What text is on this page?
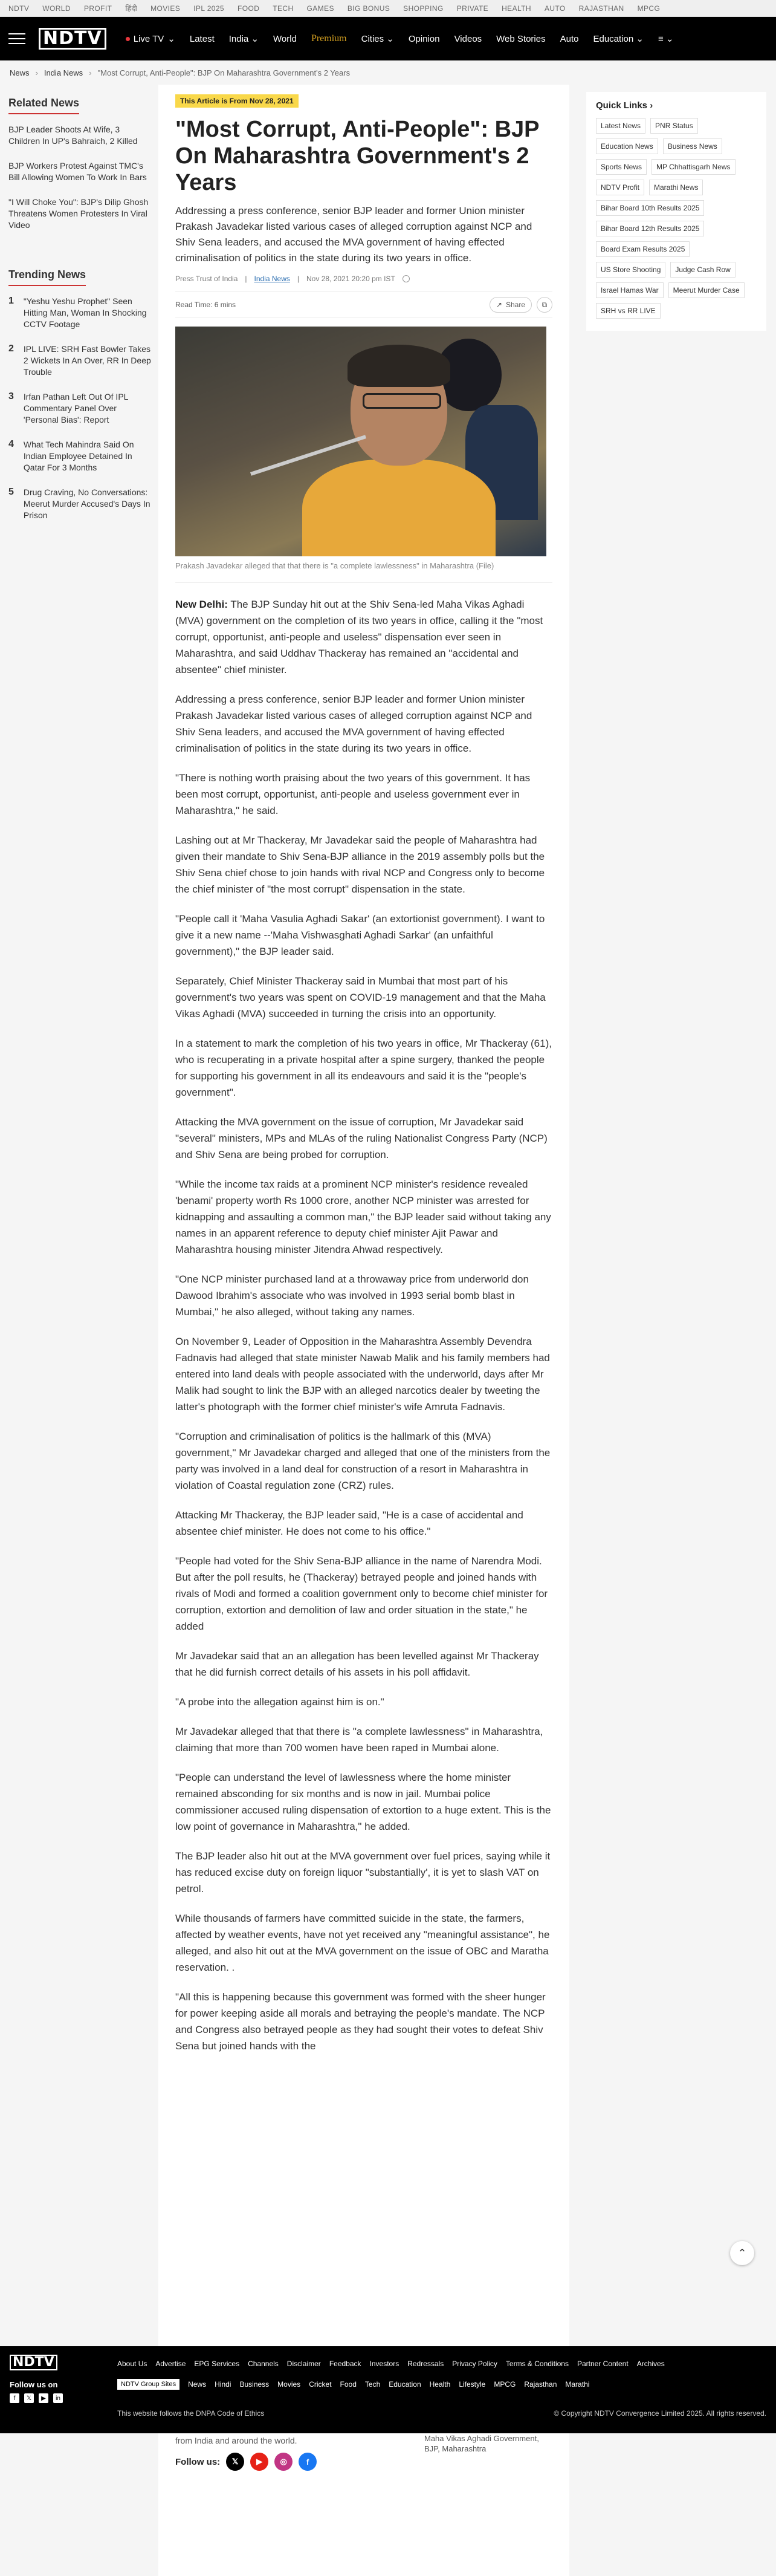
NDTV WORLD PROFIT हिंदी MOVIES IPL 2025 FOOD TECH GAMES BIG BONUS SHOPPING PRIVATE HEALTH AUTO RAJASTHAN MPCG
NDTV	Live TV ⌄ Latest India ⌄ World Premium Cities ⌄ Opinion Videos Web Stories Auto Education ⌄ ≡ ⌄
News › India News › "Most Corrupt, Anti-People": BJP On Maharashtra Government's 2 Years
Related News
BJP Leader Shoots At Wife, 3 Children In UP's Bahraich, 2 Killed
BJP Workers Protest Against TMC's Bill Allowing Women To Work In Bars
"I Will Choke You": BJP's Dilip Ghosh Threatens Women Protesters In Viral Video
Trending News
1 "Yeshu Yeshu Prophet" Seen Hitting Man, Woman In Shocking CCTV Footage
2 IPL LIVE: SRH Fast Bowler Takes 2 Wickets In An Over, RR In Deep Trouble
3 Irfan Pathan Left Out Of IPL Commentary Panel Over 'Personal Bias': Report
4 What Tech Mahindra Said On Indian Employee Detained In Qatar For 3 Months
5 Drug Craving, No Conversations: Meerut Murder Accused's Days In Prison
This Article is From Nov 28, 2021
"Most Corrupt, Anti-People": BJP On Maharashtra Government's 2 Years

Addressing a press conference, senior BJP leader and former Union minister Prakash Javadekar listed various cases of alleged corruption against NCP and Shiv Sena leaders, and accused the MVA government of having effected criminalisation of politics in the state during its two years in office.

Press Trust of India | India News | Nov 28, 2021 20:20 pm IST
Read Time: 6 mins	↗ Share	⧉
Prakash Javadekar alleged that that there is "a complete lawlessness" in Maharashtra (File)

New Delhi: The BJP Sunday hit out at the Shiv Sena-led Maha Vikas Aghadi (MVA) government on the completion of its two years in office, calling it the "most corrupt, opportunist, anti-people and useless" dispensation ever seen in Maharashtra, and said Uddhav Thackeray has remained an "accidental and absentee" chief minister.

Addressing a press conference, senior BJP leader and former Union minister Prakash Javadekar listed various cases of alleged corruption against NCP and Shiv Sena leaders, and accused the MVA government of having effected criminalisation of politics in the state during its two years in office.

"There is nothing worth praising about the two years of this government. It has been most corrupt, opportunist, anti-people and useless government ever in Maharashtra," he said.

Lashing out at Mr Thackeray, Mr Javadekar said the people of Maharashtra had given their mandate to Shiv Sena-BJP alliance in the 2019 assembly polls but the Shiv Sena chief chose to join hands with rival NCP and Congress only to become the chief minister of "the most corrupt" dispensation in the state.

"People call it 'Maha Vasulia Aghadi Sakar' (an extortionist government). I want to give it a new name --'Maha Vishwasghati Aghadi Sarkar' (an unfaithful government)," the BJP leader said.

Separately, Chief Minister Thackeray said in Mumbai that most part of his government's two years was spent on COVID-19 management and that the Maha Vikas Aghadi (MVA) succeeded in turning the crisis into an opportunity.

In a statement to mark the completion of his two years in office, Mr Thackeray (61), who is recuperating in a private hospital after a spine surgery, thanked the people for supporting his government in all its endeavours and said it is the "people's government".

Attacking the MVA government on the issue of corruption, Mr Javadekar said "several" ministers, MPs and MLAs of the ruling Nationalist Congress Party (NCP) and Shiv Sena are being probed for corruption.

"While the income tax raids at a prominent NCP minister's residence revealed 'benami' property worth Rs 1000 crore, another NCP minister was arrested for kidnapping and assaulting a common man," the BJP leader said without taking any names in an apparent reference to deputy chief minister Ajit Pawar and Maharashtra housing minister Jitendra Ahwad respectively.

"One NCP minister purchased land at a throwaway price from underworld don Dawood Ibrahim's associate who was involved in 1993 serial bomb blast in Mumbai," he also alleged, without taking any names.

On November 9, Leader of Opposition in the Maharashtra Assembly Devendra Fadnavis had alleged that state minister Nawab Malik and his family members had entered into land deals with people associated with the underworld, days after Mr Malik had sought to link the BJP with an alleged narcotics dealer by tweeting the latter's photograph with the former chief minister's wife Amruta Fadnavis.

"Corruption and criminalisation of politics is the hallmark of this (MVA) government," Mr Javadekar charged and alleged that one of the ministers from the party was involved in a land deal for construction of a resort in Maharashtra in violation of Coastal regulation zone (CRZ) rules.

Attacking Mr Thackeray, the BJP leader said, "He is a case of accidental and absentee chief minister. He does not come to his office."

"People had voted for the Shiv Sena-BJP alliance in the name of Narendra Modi. But after the poll results, he (Thackeray) betrayed people and joined hands with rivals of Modi and formed a coalition government only to become chief minister for corruption, extortion and demolition of law and order situation in the state," he added

Mr Javadekar said that an an allegation has been levelled against Mr Thackeray that he did furnish correct details of his assets in his poll affidavit.

"A probe into the allegation against him is on."

Mr Javadekar alleged that that there is "a complete lawlessness" in Maharashtra, claiming that more than 700 women have been raped in Mumbai alone.

"People can understand the level of lawlessness where the home minister remained absconding for six months and is now in jail. Mumbai police commissioner accused ruling dispensation of extortion to a huge extent. This is the low point of governance in Maharashtra," he added.

The BJP leader also hit out at the MVA government over fuel prices, saying while it has reduced excise duty on foreign liquor "substantially', it is yet to slash VAT on petrol.

While thousands of farmers have committed suicide in the state, the farmers, affected by weather events, have not yet received any "meaningful assistance", he alleged, and also hit out at the MVA government on the issue of OBC and Maratha reservation. .

"All this is happening because this government was formed with the sheer hunger for power keeping aside all morals and betraying the people's mandate. The NCP and Congress also betrayed people as they had sought their votes to defeat Shiv Sena but joined hands with the

Quick Links ›
Latest News	PNR Status
Education News	Business News
Sports News	MP Chhattisgarh News
NDTV Profit	Marathi News
Bihar Board 10th Results 2025
Bihar Board 12th Results 2025
Board Exam Results 2025
US Store Shooting	Judge Cash Row
Israel Hamas War	Meerut Murder Case
SRH vs RR LIVE
⌃
NDTV	About Us Advertise EPG Services Channels Disclaimer Feedback Investors Redressals Privacy Policy Terms & Conditions Partner Content Archives
NDTV Group Sites	News Hindi Business Movies Cricket Food Tech Education Health Lifestyle MPCG Rajasthan Marathi
Follow us on
f	𝕏	▶	in
This website follows the DNPA Code of Ethics	© Copyright NDTV Convergence Limited 2025. All rights reserved.
from India and around the world.
Follow us:	𝕏	▶	◎	f
Maha Vikas Aghadi Government,
BJP, Maharashtra
